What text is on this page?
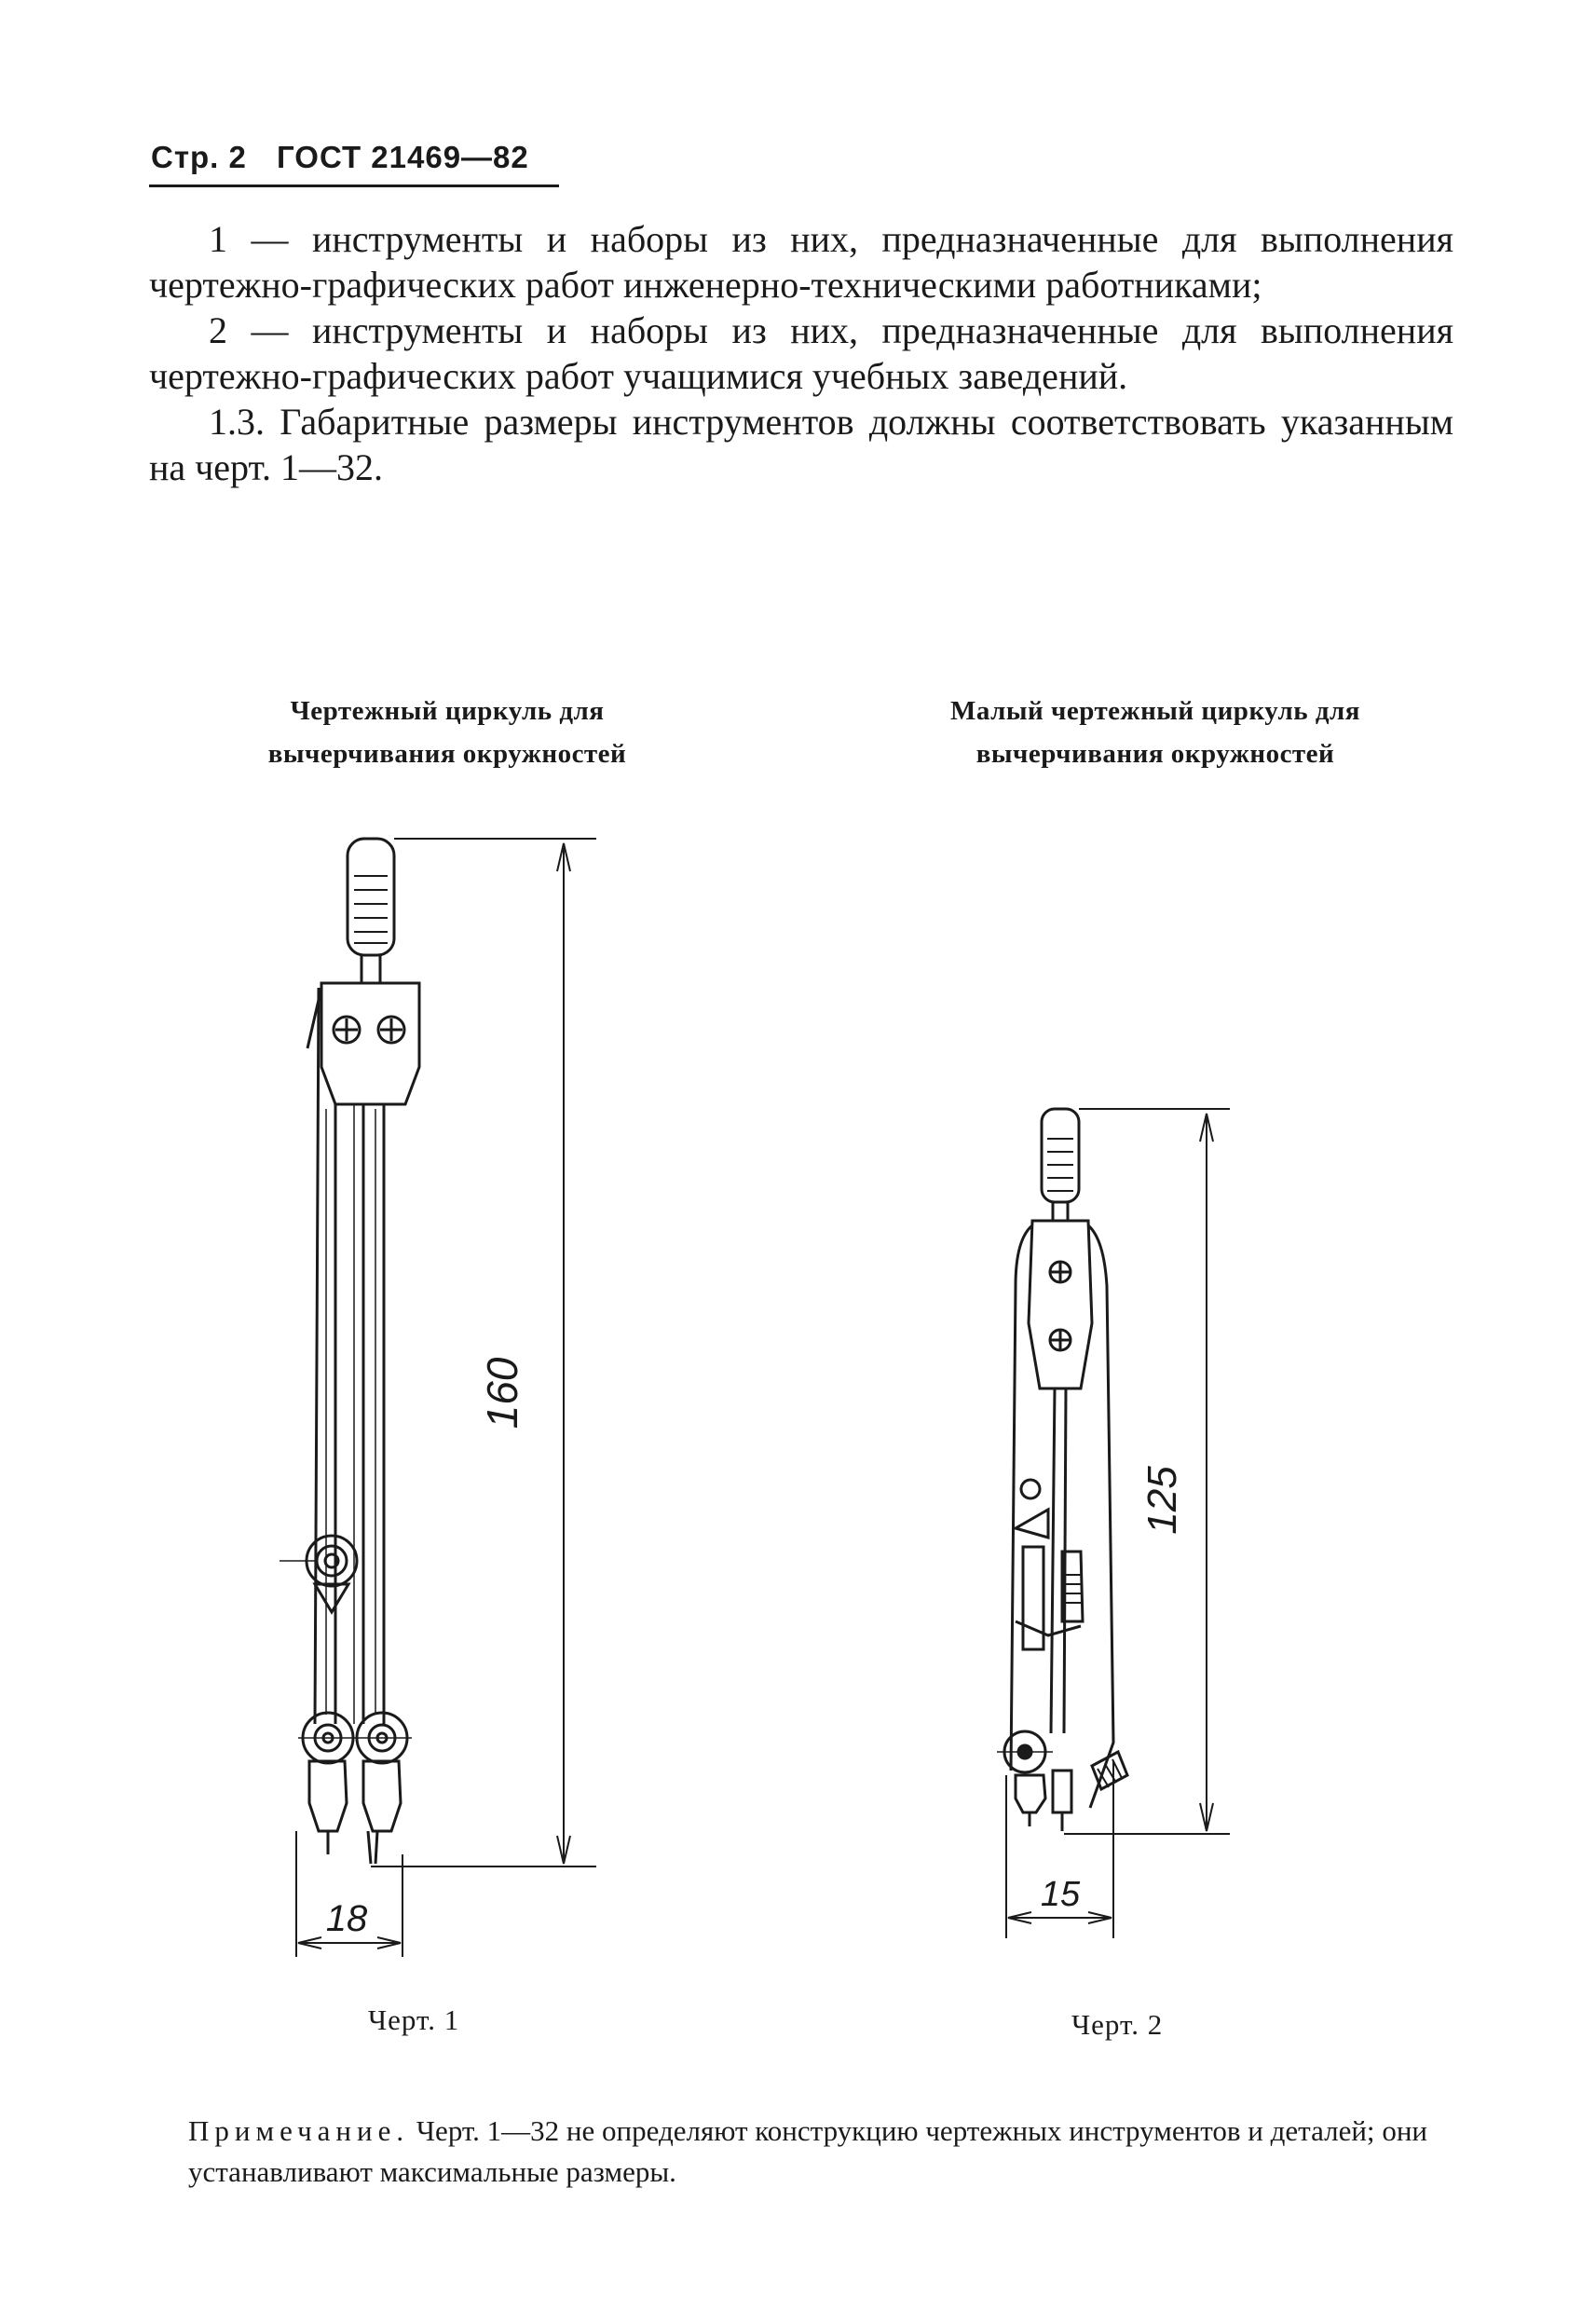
Стр. 2 ГОСТ 21469—82

1 — инструменты и наборы из них, предназначенные для выполнения чертежно-графических работ инженерно-техническими работниками;

2 — инструменты и наборы из них, предназначенные для выполнения чертежно-графических работ учащимися учебных заведений.

1.3. Габаритные размеры инструментов должны соответствовать указанным на черт. 1—32.

Чертежный циркуль для
вычерчивания окружностей
Малый чертежный циркуль для
вычерчивания окружностей
160
18
125
15
Черт. 1	Черт. 2

Примечание. Черт. 1—32 не определяют конструкцию чертежных инструментов и деталей; они устанавливают максимальные размеры.
